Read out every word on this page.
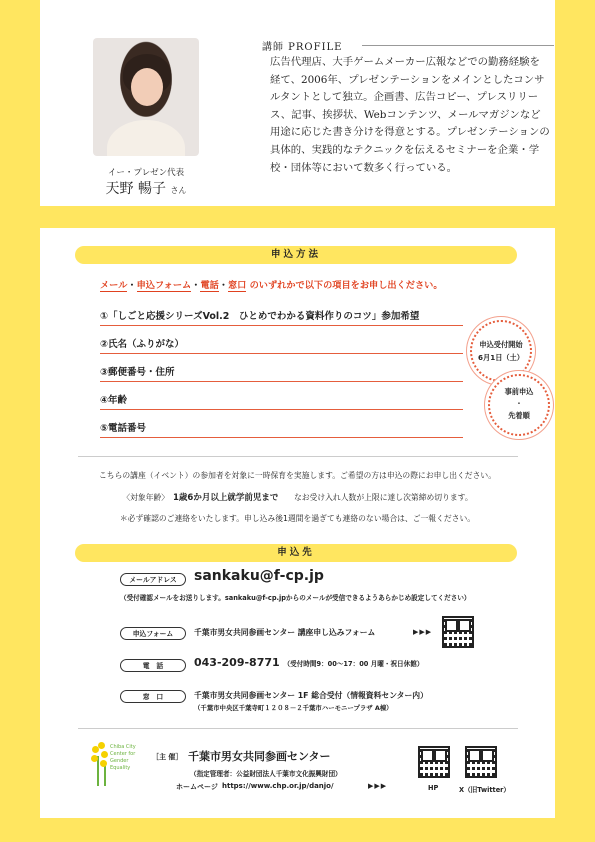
イー・プレゼン代表
天野 暢子 さん
講師 PROFILE
広告代理店、大手ゲームメーカー広報などでの勤務経験を経て、2006年、プレゼンテーションをメインとしたコンサルタントとして独立。企画書、広告コピー、プレスリリース、記事、挨拶状、Webコンテンツ、メールマガジンなど用途に応じた書き分けを得意とする。プレゼンテーションの具体的、実践的なテクニックを伝えるセミナーを企業・学校・団体等において数多く行っている。
申込方法
メール・申込フォーム・電話・窓口 のいずれかで以下の項目をお申し出ください。
①「しごと応援シリーズVol.2　ひとめでわかる資料作りのコツ」参加希望
②氏名（ふりがな）
③郵便番号・住所
④年齢
⑤電話番号
申込受付開始
6月1日（土）
事前申込
・
先着順
こちらの講座（イベント）の参加者を対象に一時保育を実施します。ご希望の方は申込の際にお申し出ください。
〈対象年齢〉　 1歳6か月以上就学前児まで　　 なお受け入れ人数が上限に達し次第締め切ります。
＊必ず確認のご連絡をいたします。申し込み後1週間を過ぎても連絡のない場合は、ご一報ください。
申込先
メールアドレス	sankaku@f-cp.jp
（受付確認メールをお送りします。sankaku@f-cp.jpからのメールが受信できるようあらかじめ設定してください）
申込フォーム	千葉市男女共同参画センター 講座申し込みフォーム	▶▶▶
電　話	043-209-8771 （受付時間9：00～17：00 月曜・祝日休館）
窓　口	千葉市男女共同参画センター 1F 総合受付（情報資料センター内）
（千葉市中央区千葉寺町１２０８－２千葉市ハーモニープラザ A棟）
Chiba City
Center for
Gender
Equality
［主 催］ 千葉市男女共同参画センター
（指定管理者：公益財団法人千葉市文化振興財団）
ホームページ https://www.chp.or.jp/danjo/	▶▶▶	HP	X（旧Twitter）
